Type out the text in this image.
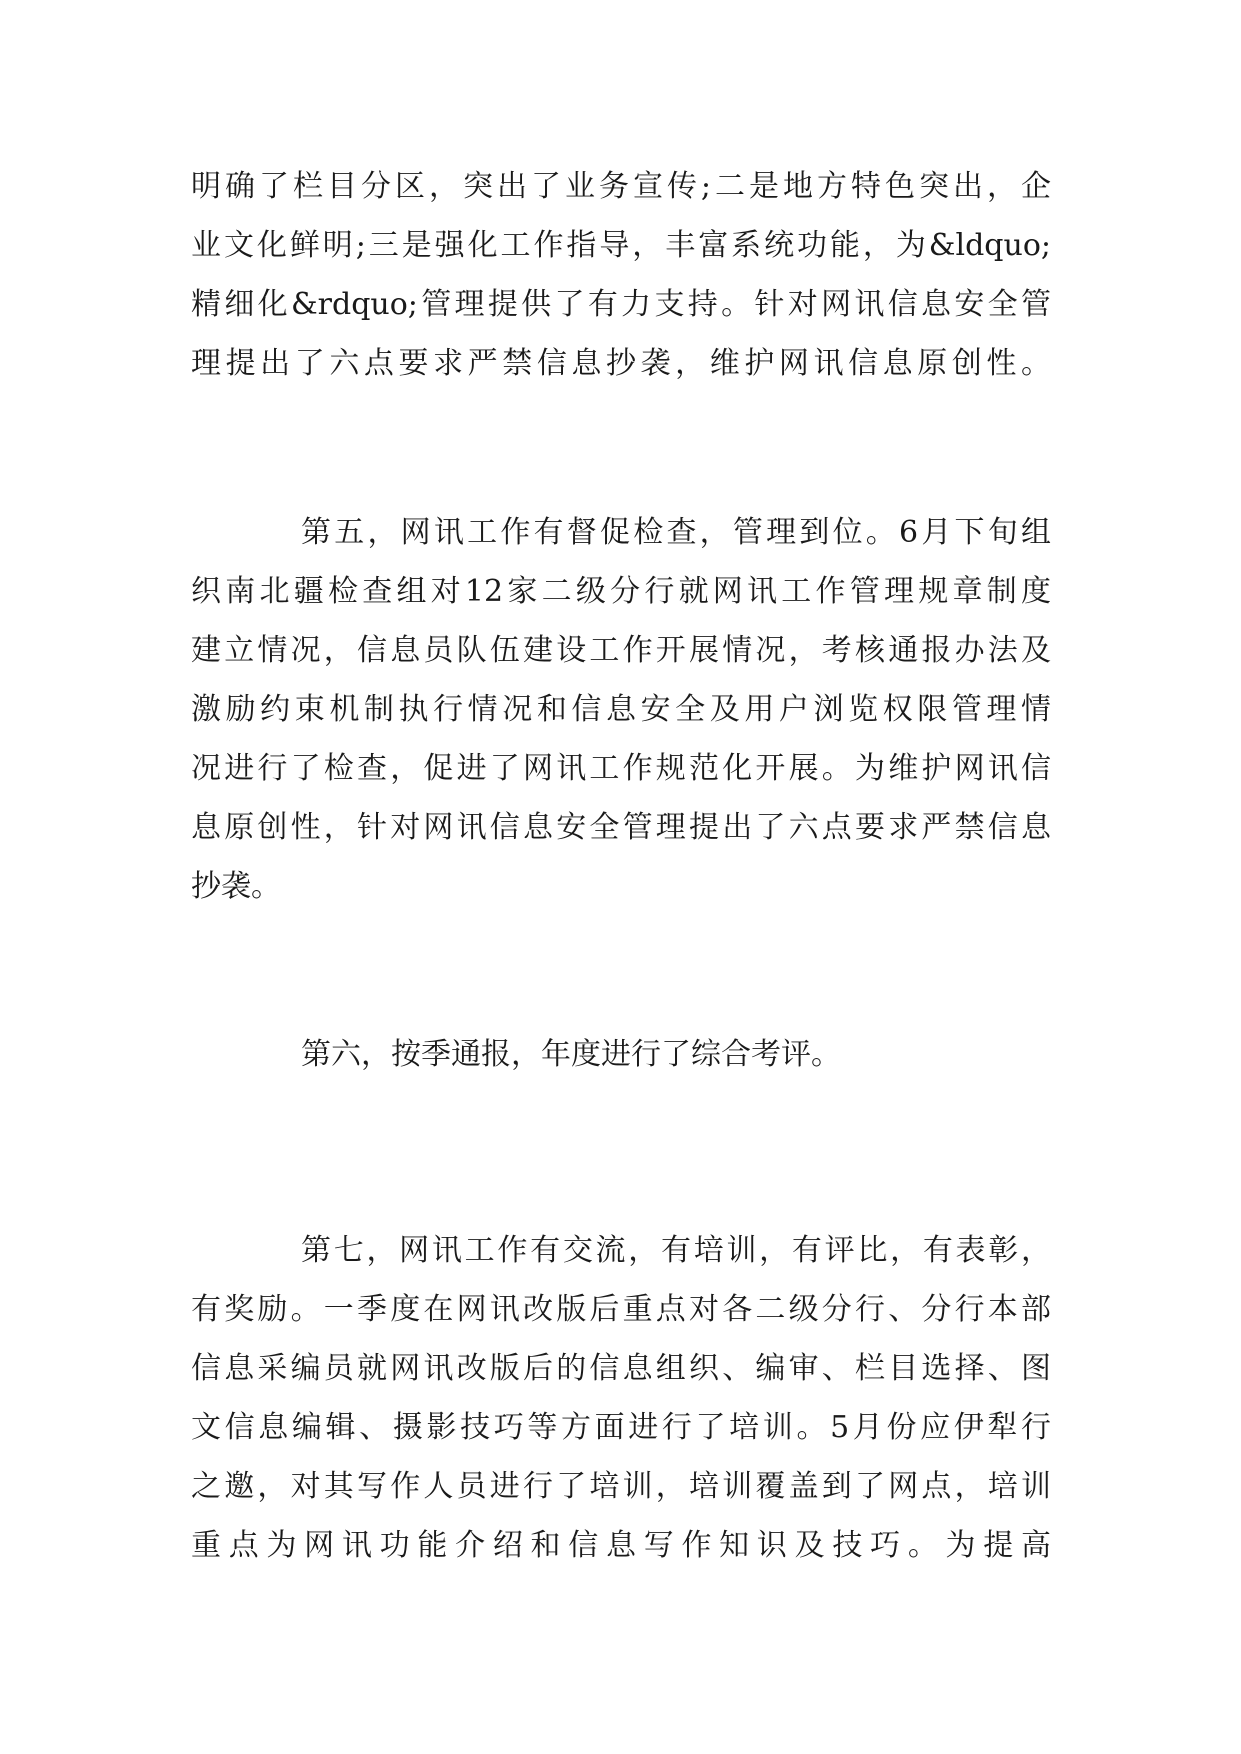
明确了栏目分区，突出了业务宣传;二是地方特色突出，企
业文化鲜明;三是强化工作指导，丰富系统功能，为&ldquo;
精细化&rdquo;管理提供了有力支持。针对网讯信息安全管
理提出了六点要求严禁信息抄袭，维护网讯信息原创性。
第五，网讯工作有督促检查，管理到位。6月下旬组
织南北疆检查组对12家二级分行就网讯工作管理规章制度
建立情况，信息员队伍建设工作开展情况，考核通报办法及
激励约束机制执行情况和信息安全及用户浏览权限管理情
况进行了检查，促进了网讯工作规范化开展。为维护网讯信
息原创性，针对网讯信息安全管理提出了六点要求严禁信息
抄袭。
第六，按季通报，年度进行了综合考评。
第七，网讯工作有交流，有培训，有评比，有表彰，
有奖励。一季度在网讯改版后重点对各二级分行、分行本部
信息采编员就网讯改版后的信息组织、编审、栏目选择、图
文信息编辑、摄影技巧等方面进行了培训。5月份应伊犁行
之邀，对其写作人员进行了培训，培训覆盖到了网点，培训
重点为网讯功能介绍和信息写作知识及技巧。为提高
